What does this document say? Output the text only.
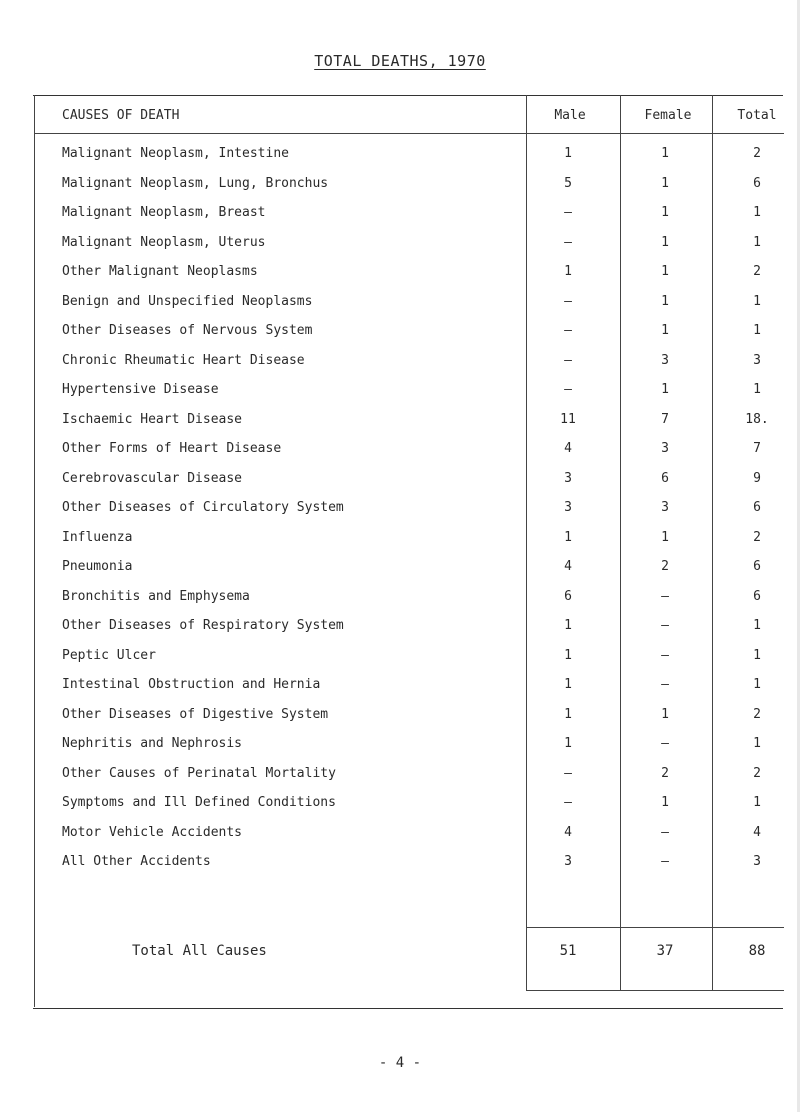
TOTAL DEATHS, 1970
CAUSES OF DEATH	Male	Female	Total
Malignant Neoplasm, Intestine	1	1	2
Malignant Neoplasm, Lung, Bronchus	5	1	6
Malignant Neoplasm, Breast	–	1	1
Malignant Neoplasm, Uterus	–	1	1
Other Malignant Neoplasms	1	1	2
Benign and Unspecified Neoplasms	–	1	1
Other Diseases of Nervous System	–	1	1
Chronic Rheumatic Heart Disease	–	3	3
Hypertensive Disease	–	1	1
Ischaemic Heart Disease	11	7	18.
Other Forms of Heart Disease	4	3	7
Cerebrovascular Disease	3	6	9
Other Diseases of Circulatory System	3	3	6
Influenza	1	1	2
Pneumonia	4	2	6
Bronchitis and Emphysema	6	–	6
Other Diseases of Respiratory System	1	–	1
Peptic Ulcer	1	–	1
Intestinal Obstruction and Hernia	1	–	1
Other Diseases of Digestive System	1	1	2
Nephritis and Nephrosis	1	–	1
Other Causes of Perinatal Mortality	–	2	2
Symptoms and Ill Defined Conditions	–	1	1
Motor Vehicle Accidents	4	–	4
All Other Accidents	3	–	3
Total All Causes	51	37	88
- 4 -
